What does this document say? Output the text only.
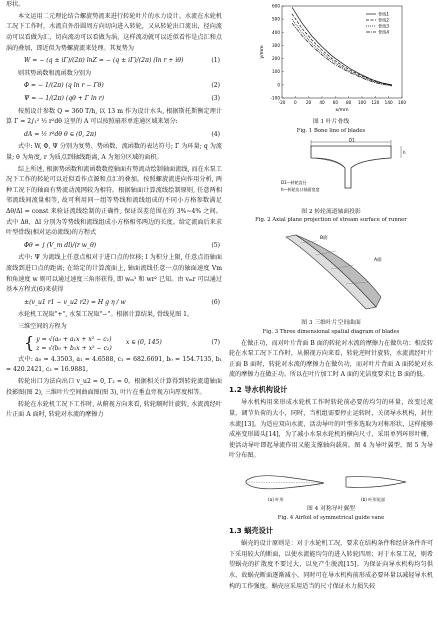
形状。

本文运用二元理论结合螺旋势流来进行转轮叶片的水力设计。水流在水轮机工况下工作时，水流自外沿圆周方向切向进入转轮，又从转轮出口流出，径向流动可以看做为汇，切向流动可以看做为涡，这样流动就可以近似看作是点汇和点涡的叠加，即近似为势螺旋流来处理。其复势为

W = − (q ± iΓ)/(2π) lnZ = − (q ± iΓ)/(2π) (ln r + iθ)	(1)

则其势函数和流函数分别为

Φ = − 1/(2π) (q ln r − Γθ)	(2)
Ψ = − 1/(2π) (qθ + Γ ln r)	(3)

按照设计参数 Q = 360 T/h, 以 13 m 作为设计水头, 根据斯托斯衡定理计算 Γ = 2∫₁² ½ r²dθ 这里的 A 可以按照扇形单连通区域来划分:

dA = ½ r²dθ θ ∈ (0, 2π)	(4)

式中: W, Φ, Ψ 分别为复势、势函数、流函数的表达符号; Γ 为环量; q 为流量; θ 为角度, r 为质点到轴线距离, A 为划分区域的面积。

综上所述, 根据势函数和流函数数控轴面有势流动绘制轴面流线, 而在水泵工况下工作的转轮可以近似看作点源和点汇的叠加。按照螺旋流进向作用分析, 两种工况下的轴面有势流动流网较为相符。根据轴面计算流线绘制原则, 任意两相邻流线间流量相等, 故可利用同一组等势线和流线组成的不同小方格参数满足 Δθ/Δl = const 来验证流线绘制的正确性, 保证误差范围在的 3%~4% 之间。式中 Δθ、Δl 分别为等势线和流线组成小方格相邻两边的长度。给定流面后来求叶型骨线(相对运动流线)的方程式

Φθ = ∫ (V_m dl)/(r w_θ)	(5)

式中: Ψ 为流线上任意点相对于进口点的位移; l 为积分上限, 任意点沿轴面流线到进口点的距离; 在给定的计算流面上, 轴面流线任意一点的轴面速度 Vm 和角速度 w 则可以通过速度三角形获得, 即 wₘ² 和 wr² 已知。由 vₘr 可以通过基本方程式(6)来获得

±(v_u1 r1 − v_u2 r2) = H g η / w	(6)

水轮机工况取"+", 水泵工况取"−"。根据计算结果, 骨线见图 1。

三维空间的方程为

{ y = √(a₀ + a₁x + x² − c₁)
z = √(b₀ + b₁x + x² − c₂)
x ∈ (0, 145)	(7)

式中: a₀ = 4.3503, a₁ = 4.6588, c₁ = 682.6691, b₀ = 154.7135, b₁ = 420.2421, c₂ = 16.9881。

转轮出口为法向出口 v_u2 = 0, Γ₂ = 0。根据相关计算得到转轮流道轴面投影图(图 2), 三维叶片空间曲面图(图 3), 叶片在垂直旁视方向厚度相等。

转轮在水轮机工况下工作时, 从俯视方向来看, 转轮顺时针旋转, 水流流经叶片正面 A 面时, 转轮对水流的摩擦力

600
500
400
300
200
100
0
-100
-20 0 20 40 60 80 100 120 140 160
x/mm
y/mm
骨线1
骨线2
骨线3
骨线4
图 1 叶片骨线
Fig. 1 Bone line of blades
D1
h
D1—转轮直径
h—转轮出口轴面宽度
图 2 转轮流道轴面投影
Fig. 2 Axial plane projection of stream surface of runner
B面
A面
图 3 三维叶片空间曲面
Fig. 3 Three dimensional spatial diagram of blades

在做正功，而对叶片背面 B 面的转轮对水流的摩擦力在做负功；相反转轮在水泵工况下工作时，从俯视方向来看，转轮逆时针旋转，水流流经叶片正面 B 面时，转轮对水流的摩擦力在做负功，而对叶片背面 A 面转轮对水流的摩擦力在做正功。所以在叶片加工时 A 面的光洁度要求比 B 面的低。

1.2 导水机构设计

导水机构用来形成水轮机工作时转轮前必要的均匀的环量，改变过流量，调节负荷的大小，同时，当机组需要停止运转时，关闭导水机构，封住水流[13]。为适应双向水流，活动导叶的叶型多选取为对称形状，这样能够成座变形圆头[14]，为了减小水泵水轮机的横向尺寸，采用单列环形叶栅，使活动导叶即起导流作用又能支撑轴向载荷。图 4 为导叶翼型，图 5 为导叶分布图。

(a) 叶形	(b) 叶形尾部
图 4 对称导叶翼型
Fig. 4 Airfoil of symmetrical guide vane
1.3 蜗壳设计

蜗壳的设计原则是：对于水轮机工况，要求在结构条件和经济条件许可下采用较大的断面，以使水流能均匀的进入转轮四周；对于水泵工况，则希望蜗壳的扩散度不要过大，以免产生脱流[15]。为保证向导水机构均匀供水，故蜗壳断面逐渐减小，同时可在导水机构前形成必要环量以减轻导水机构的工作强度。蜗壳应采用适当的尺寸保证水力损失较
